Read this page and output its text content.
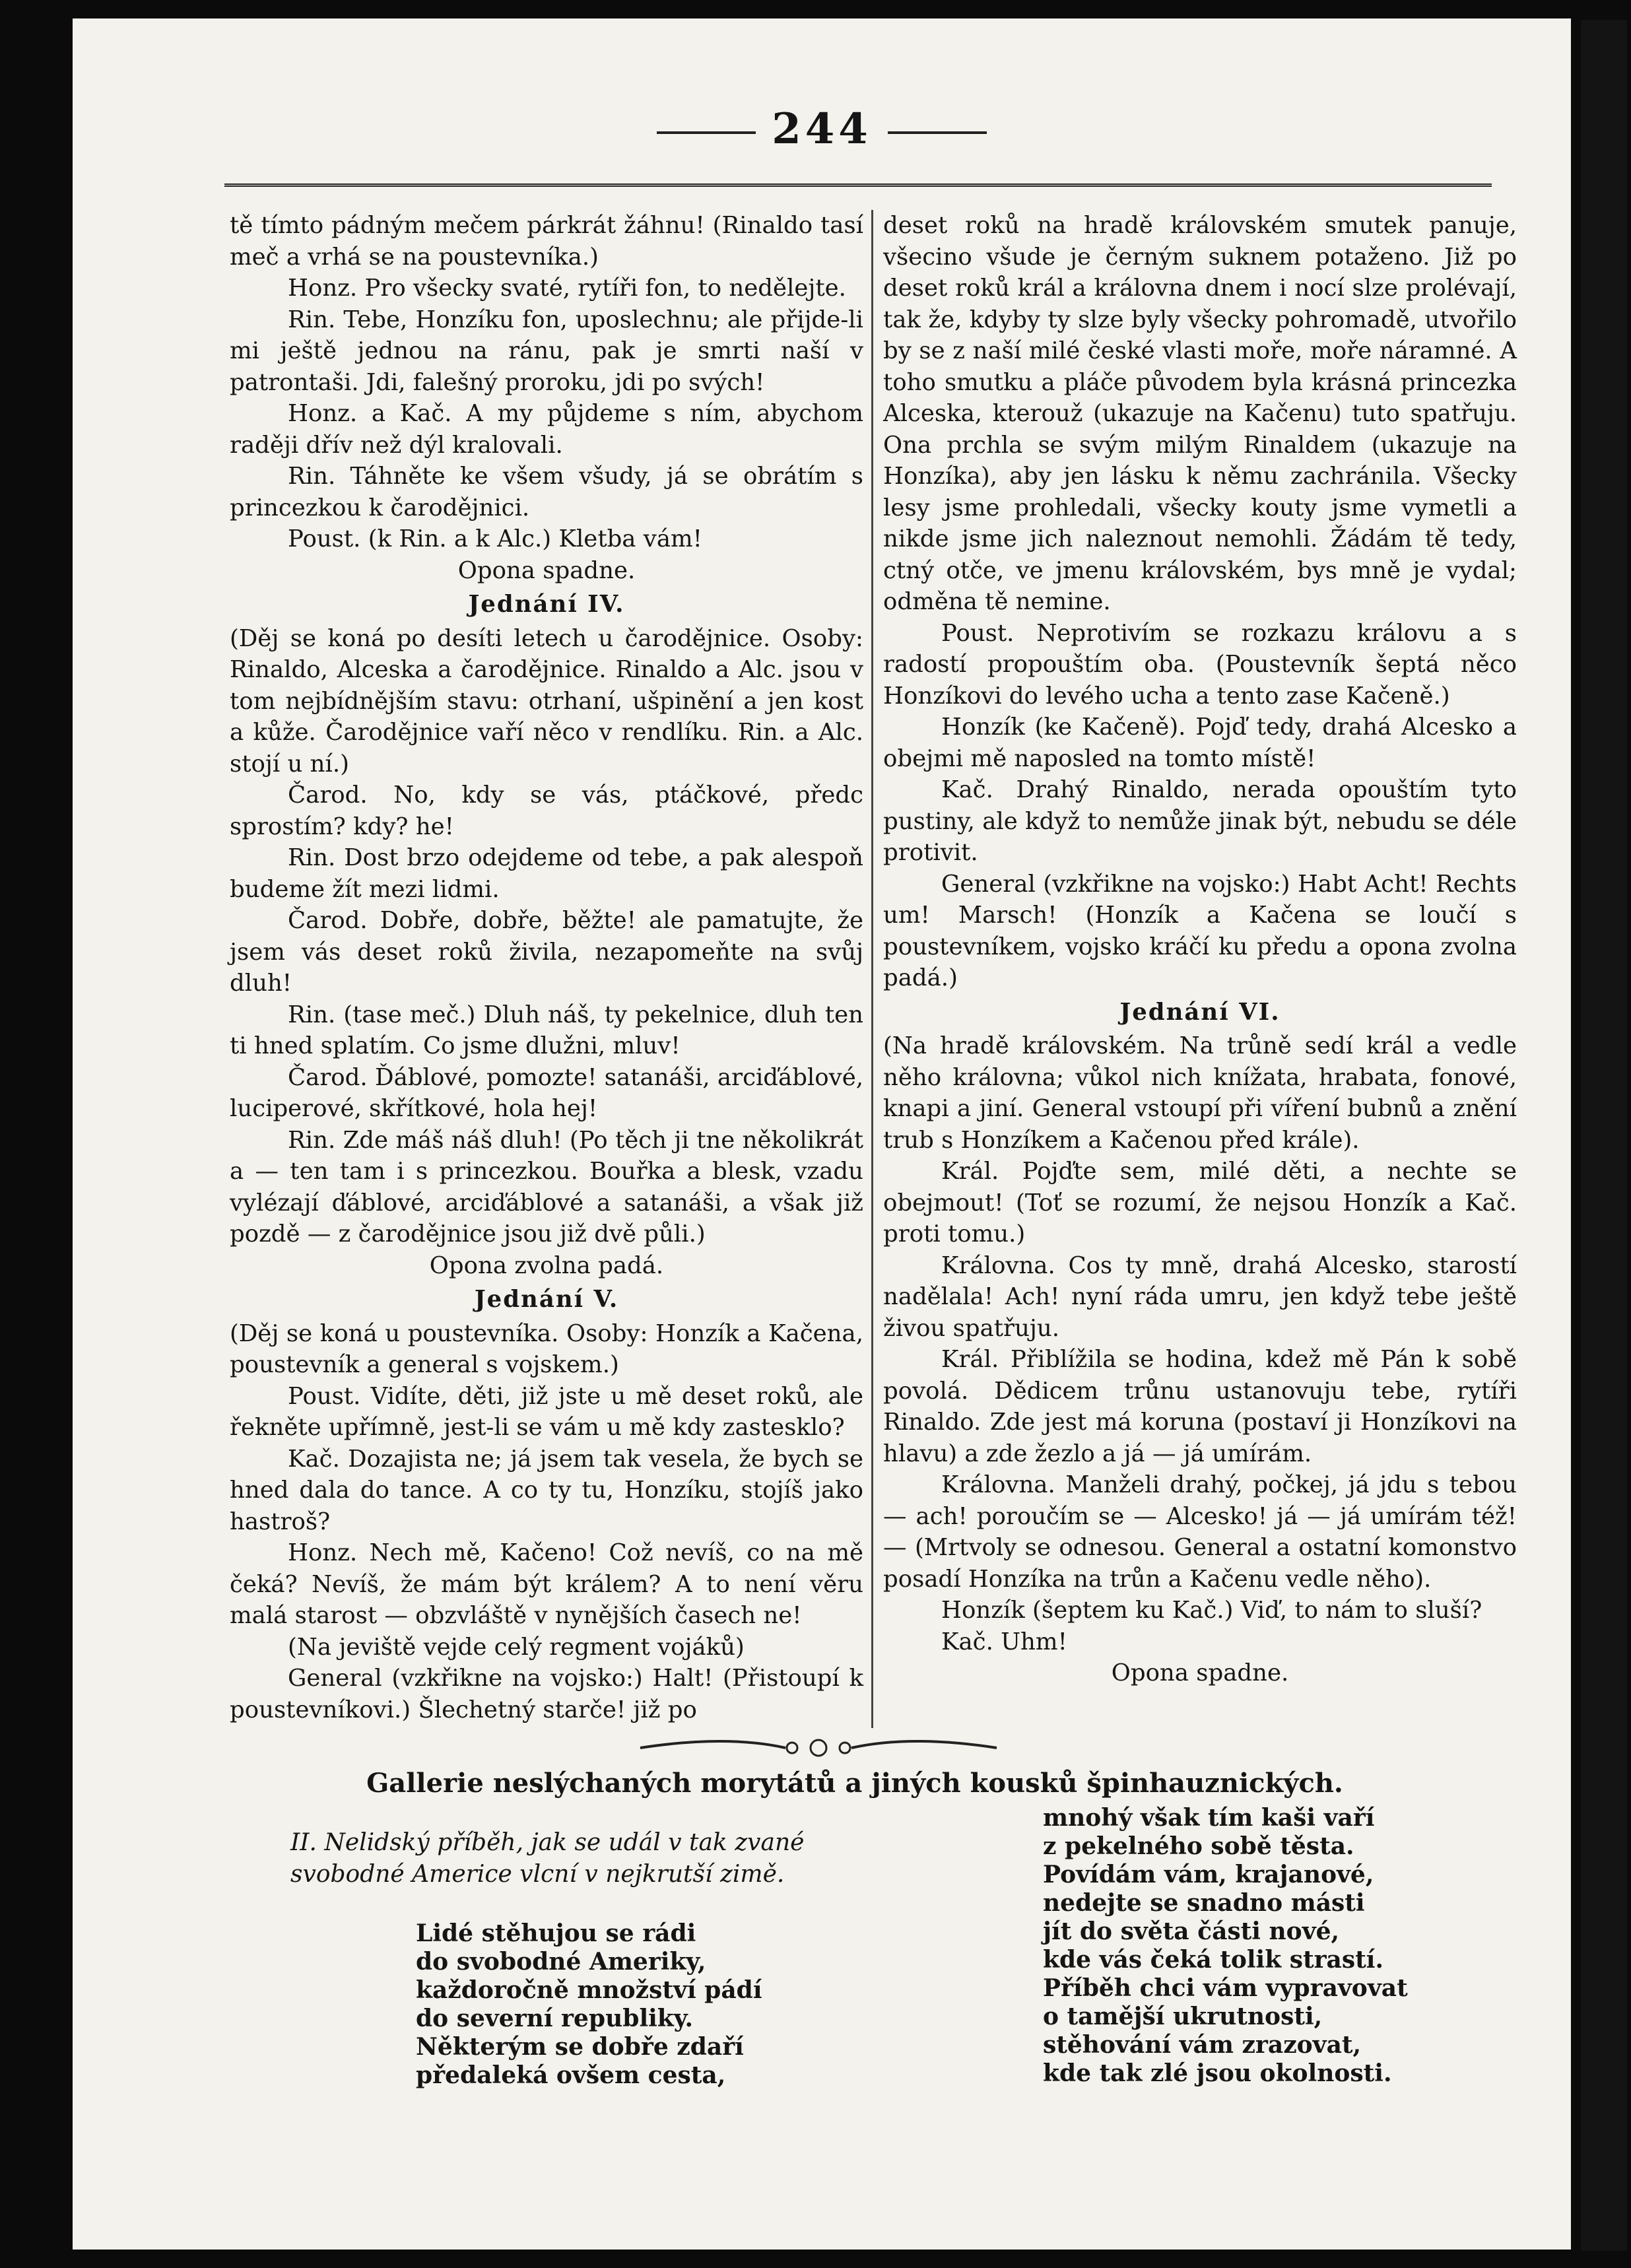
244

tě tímto pádným mečem párkrát žáhnu! (Rinaldo tasí meč a vrhá se na poustevníka.)

Honz. Pro všecky svaté, rytíři fon, to nedělejte.

Rin. Tebe, Honzíku fon, uposlechnu; ale přijde-li mi ještě jednou na ránu, pak je smrti naší v patrontaši. Jdi, falešný proroku, jdi po svých!

Honz. a Kač. A my půjdeme s ním, abychom raději dřív než dýl kralovali.

Rin. Táhněte ke všem všudy, já se obrátím s princezkou k čarodějnici.

Poust. (k Rin. a k Alc.) Kletba vám!

Opona spadne.

Jednání IV.

(Děj se koná po desíti letech u čarodějnice. Osoby: Rinaldo, Alceska a čarodějnice. Rinaldo a Alc. jsou v tom nejbídnějším stavu: otrhaní, ušpinění a jen kost a kůže. Čarodějnice vaří něco v rendlíku. Rin. a Alc. stojí u ní.)

Čarod. No, kdy se vás, ptáčkové, předc sprostím? kdy? he!

Rin. Dost brzo odejdeme od tebe, a pak alespoň budeme žít mezi lidmi.

Čarod. Dobře, dobře, běžte! ale pamatujte, že jsem vás deset roků živila, nezapomeňte na svůj dluh!

Rin. (tase meč.) Dluh náš, ty pekelnice, dluh ten ti hned splatím. Co jsme dlužni, mluv!

Čarod. Ďáblové, pomozte! satanáši, arciďáblové, luciperové, skřítkové, hola hej!

Rin. Zde máš náš dluh! (Po těch ji tne několikrát a — ten tam i s princezkou. Bouřka a blesk, vzadu vylézají ďáblové, arciďáblové a satanáši, a však již pozdě — z čarodějnice jsou již dvě půli.)

Opona zvolna padá.

Jednání V.

(Děj se koná u poustevníka. Osoby: Honzík a Kačena, poustevník a general s vojskem.)

Poust. Vidíte, děti, již jste u mě deset roků, ale řekněte upřímně, jest-li se vám u mě kdy zastesklo?

Kač. Dozajista ne; já jsem tak vesela, že bych se hned dala do tance. A co ty tu, Honzíku, stojíš jako hastroš?

Honz. Nech mě, Kačeno! Což nevíš, co na mě čeká? Nevíš, že mám být králem? A to není věru malá starost — obzvláště v nynějších časech ne!

(Na jeviště vejde celý regment vojáků)

General (vzkřikne na vojsko:) Halt! (Přistoupí k poustevníkovi.) Šlechetný starče! již po

deset roků na hradě královském smutek panuje, všecino všude je černým suknem potaženo. Již po deset roků král a královna dnem i nocí slze prolévají, tak že, kdyby ty slze byly všecky pohromadě, utvořilo by se z naší milé české vlasti moře, moře náramné. A toho smutku a pláče původem byla krásná princezka Alceska, kterouž (ukazuje na Kačenu) tuto spatřuju. Ona prchla se svým milým Rinaldem (ukazuje na Honzíka), aby jen lásku k němu zachránila. Všecky lesy jsme prohledali, všecky kouty jsme vymetli a nikde jsme jich naleznout nemohli. Žádám tě tedy, ctný otče, ve jmenu královském, bys mně je vydal; odměna tě nemine.

Poust. Neprotivím se rozkazu královu a s radostí propouštím oba. (Poustevník šeptá něco Honzíkovi do levého ucha a tento zase Kačeně.)

Honzík (ke Kačeně). Pojď tedy, drahá Alcesko a obejmi mě naposled na tomto místě!

Kač. Drahý Rinaldo, nerada opouštím tyto pustiny, ale když to nemůže jinak být, nebudu se déle protivit.

General (vzkřikne na vojsko:) Habt Acht! Rechts um! Marsch! (Honzík a Kačena se loučí s poustevníkem, vojsko kráčí ku předu a opona zvolna padá.)

Jednání VI.

(Na hradě královském. Na trůně sedí král a vedle něho královna; vůkol nich knížata, hrabata, fonové, knapi a jiní. General vstoupí při víření bubnů a znění trub s Honzíkem a Kačenou před krále).

Král. Pojďte sem, milé děti, a nechte se obejmout! (Toť se rozumí, že nejsou Honzík a Kač. proti tomu.)

Královna. Cos ty mně, drahá Alcesko, starostí nadělala! Ach! nyní ráda umru, jen když tebe ještě živou spatřuju.

Král. Přiblížila se hodina, kdež mě Pán k sobě povolá. Dědicem trůnu ustanovuju tebe, rytíři Rinaldo. Zde jest má koruna (postaví ji Honzíkovi na hlavu) a zde žezlo a já — já umírám.

Královna. Manželi drahý, počkej, já jdu s tebou — ach! poroučím se — Alcesko! já — já umírám též! — (Mrtvoly se odnesou. General a ostatní komonstvo posadí Honzíka na trůn a Kačenu vedle něho).

Honzík (šeptem ku Kač.) Viď, to nám to sluší?

Kač. Uhm!

Opona spadne.

Gallerie neslýchaných morytátů a jiných kousků špinhauznických.
II. Nelidský příběh, jak se udál v tak zvané svobodné Americe vlcní v nejkrutší zimě.
Lidé stěhujou se rádi
do svobodné Ameriky,
každoročně množství pádí
do severní republiky.
Některým se dobře zdaří
předaleká ovšem cesta,
mnohý však tím kaši vaří
z pekelného sobě těsta.
Povídám vám, krajanové,
nedejte se snadno másti
jít do světa části nové,
kde vás čeká tolik strastí.
Příběh chci vám vypravovat
o tamější ukrutnosti,
stěhování vám zrazovat,
kde tak zlé jsou okolnosti.
